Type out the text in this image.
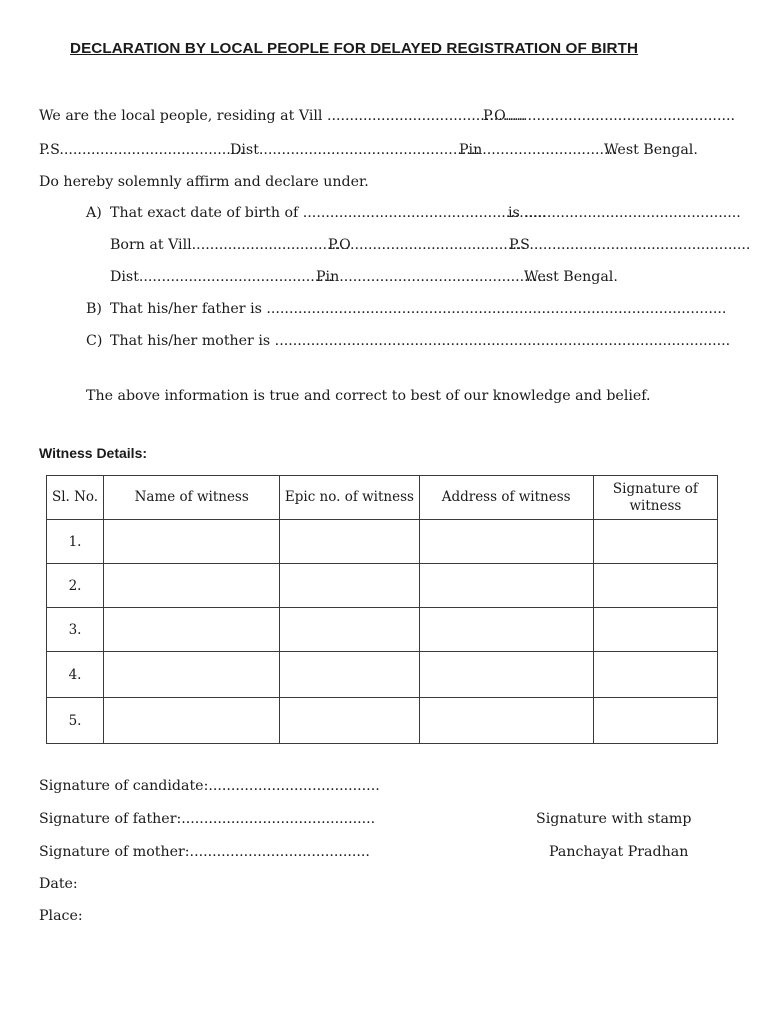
DECLARATION BY LOCAL PEOPLE FOR DELAYED REGISTRATION OF BIRTH
We are the local people, residing at Vill ............................................
P.O...................................................
P.S.........................................
Dist.................................................
Pin..............................
West Bengal.
Do hereby solemnly affirm and declare under.
A) That exact date of birth of ......................................................
is ................................................
Born at Vill...................................
P.O.......................................
P.S.................................................
Dist...........................................
Pin..............................................
West Bengal.
B) That his/her father is ......................................................................................................
C) That his/her mother is .....................................................................................................
The above information is true and correct to best of our knowledge and belief.
Witness Details:
Sl. No.	Name of witness	Epic no. of witness	Address of witness	Signature of witness
1.				
2.				
3.				
4.				
5.				
Signature of candidate:......................................
Signature of father:...........................................
Signature of mother:........................................
Date:
Place:
Signature with stamp
Panchayat Pradhan
